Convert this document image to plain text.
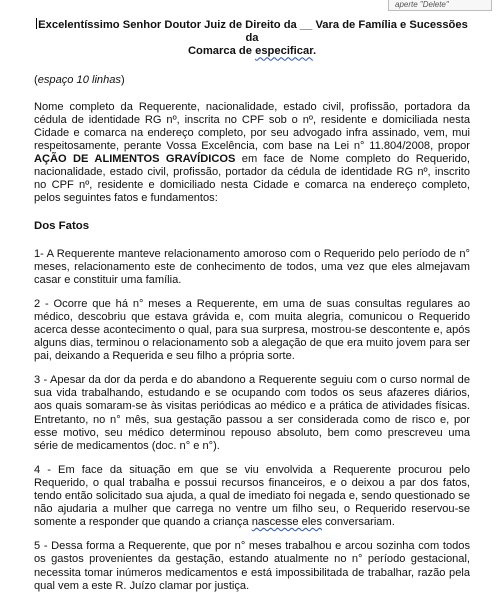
aperte "Delete"
Excelentíssimo Senhor Doutor Juiz de Direito da __ Vara de Família e Sucessões da
Comarca de especificar.

(espaço 10 linhas)

Nome completo da Requerente, nacionalidade, estado civil, profissão, portadora da cédula de identidade RG nº, inscrita no CPF sob o nº, residente e domiciliada nesta Cidade e comarca na endereço completo, por seu advogado infra assinado, vem, mui respeitosamente, perante Vossa Excelência, com base na Lei n° 11.804/2008, propor AÇÃO DE ALIMENTOS GRAVÍDICOS em face de Nome completo do Requerido, nacionalidade, estado civil, profissão, portador da cédula de identidade RG nº, inscrito no CPF nº, residente e domiciliado nesta Cidade e comarca na endereço completo, pelos seguintes fatos e fundamentos:

Dos Fatos

1- A Requerente manteve relacionamento amoroso com o Requerido pelo período de n° meses, relacionamento este de conhecimento de todos, uma vez que eles almejavam casar e constituir uma família.

2 - Ocorre que há n° meses a Requerente, em uma de suas consultas regulares ao médico, descobriu que estava grávida e, com muita alegria, comunicou o Requerido acerca desse acontecimento o qual, para sua surpresa, mostrou-se descontente e, após alguns dias, terminou o relacionamento sob a alegação de que era muito jovem para ser pai, deixando a Requerida e seu filho a própria sorte.

3 - Apesar da dor da perda e do abandono a Requerente seguiu com o curso normal de sua vida trabalhando, estudando e se ocupando com todos os seus afazeres diários, aos quais somaram-se às visitas periódicas ao médico e a prática de atividades físicas. Entretanto, no n° mês, sua gestação passou a ser considerada como de risco e, por esse motivo, seu médico determinou repouso absoluto, bem como prescreveu uma série de medicamentos (doc. n° e n°).

4 - Em face da situação em que se viu envolvida a Requerente procurou pelo Requerido, o qual trabalha e possui recursos financeiros, e o deixou a par dos fatos, tendo então solicitado sua ajuda, a qual de imediato foi negada e, sendo questionado se não ajudaria a mulher que carrega no ventre um filho seu, o Requerido reservou-se somente a responder que quando a criança nascesse eles conversariam.

5 - Dessa forma a Requerente, que por n° meses trabalhou e arcou sozinha com todos os gastos provenientes da gestação, estando atualmente no n° período gestacional, necessita tomar inúmeros medicamentos e está impossibilitada de trabalhar, razão pela qual vem a este R. Juízo clamar por justiça.
